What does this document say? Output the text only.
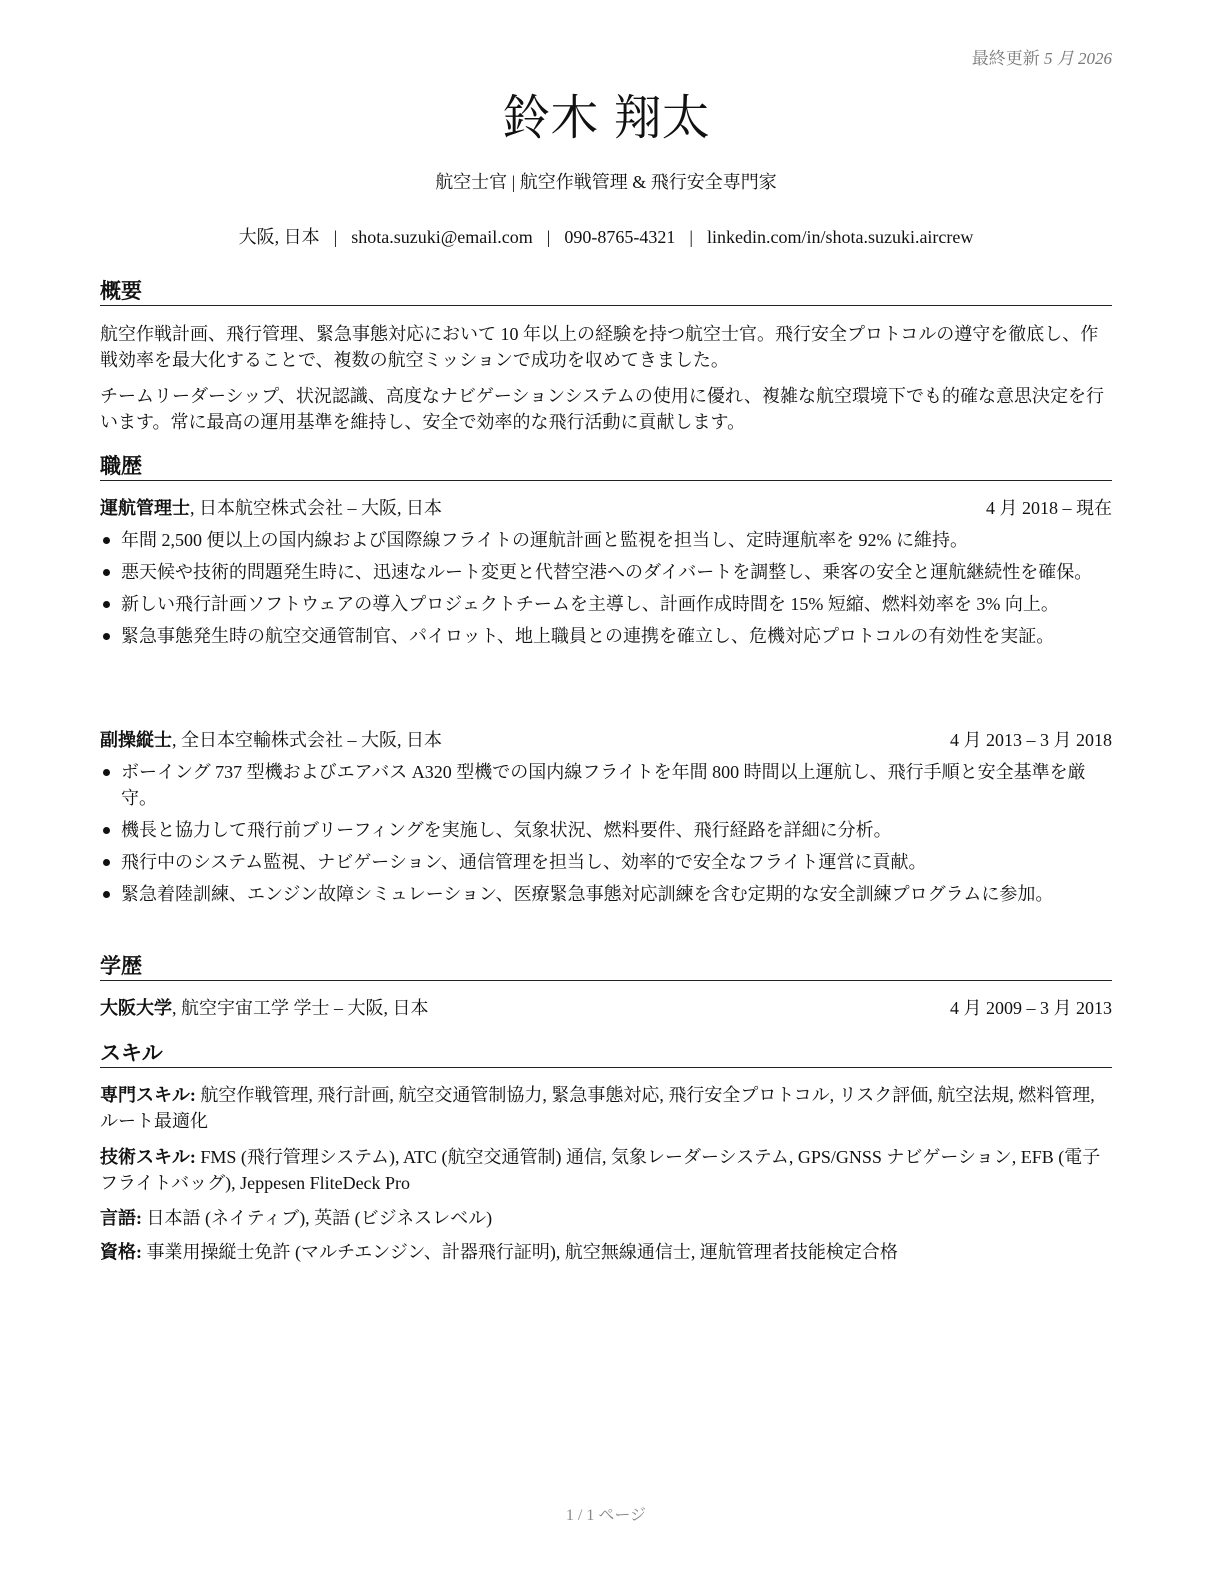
最終更新 5 月 2026
鈴木 翔太
航空士官 | 航空作戦管理 & 飛行安全専門家
大阪, 日本 | shota.suzuki@email.com | 090-8765-4321 | linkedin.com/in/shota.suzuki.aircrew
概要

航空作戦計画、飛行管理、緊急事態対応において 10 年以上の経験を持つ航空士官。飛行安全プロトコルの遵守を徹底し、作戦効率を最大化することで、複数の航空ミッションで成功を収めてきました。

チームリーダーシップ、状況認識、高度なナビゲーションシステムの使用に優れ、複雑な航空環境下でも的確な意思決定を行います。常に最高の運用基準を維持し、安全で効率的な飛行活動に貢献します。

職歴
運航管理士, 日本航空株式会社 – 大阪, 日本	4 月 2018 – 現在
年間 2,500 便以上の国内線および国際線フライトの運航計画と監視を担当し、定時運航率を 92% に維持。
悪天候や技術的問題発生時に、迅速なルート変更と代替空港へのダイバートを調整し、乗客の安全と運航継続性を確保。
新しい飛行計画ソフトウェアの導入プロジェクトチームを主導し、計画作成時間を 15% 短縮、燃料効率を 3% 向上。
緊急事態発生時の航空交通管制官、パイロット、地上職員との連携を確立し、危機対応プロトコルの有効性を実証。
副操縦士, 全日本空輸株式会社 – 大阪, 日本	4 月 2013 – 3 月 2018
ボーイング 737 型機およびエアバス A320 型機での国内線フライトを年間 800 時間以上運航し、飛行手順と安全基準を厳守。
機長と協力して飛行前ブリーフィングを実施し、気象状況、燃料要件、飛行経路を詳細に分析。
飛行中のシステム監視、ナビゲーション、通信管理を担当し、効率的で安全なフライト運営に貢献。
緊急着陸訓練、エンジン故障シミュレーション、医療緊急事態対応訓練を含む定期的な安全訓練プログラムに参加。
学歴
大阪大学, 航空宇宙工学 学士 – 大阪, 日本	4 月 2009 – 3 月 2013
スキル
専門スキル: 航空作戦管理, 飛行計画, 航空交通管制協力, 緊急事態対応, 飛行安全プロトコル, リスク評価, 航空法規, 燃料管理, ルート最適化
技術スキル: FMS (飛行管理システム), ATC (航空交通管制) 通信, 気象レーダーシステム, GPS/GNSS ナビゲーション, EFB (電子フライトバッグ), Jeppesen FliteDeck Pro
言語: 日本語 (ネイティブ), 英語 (ビジネスレベル)
資格: 事業用操縦士免許 (マルチエンジン、計器飛行証明), 航空無線通信士, 運航管理者技能検定合格
1 / 1 ページ
